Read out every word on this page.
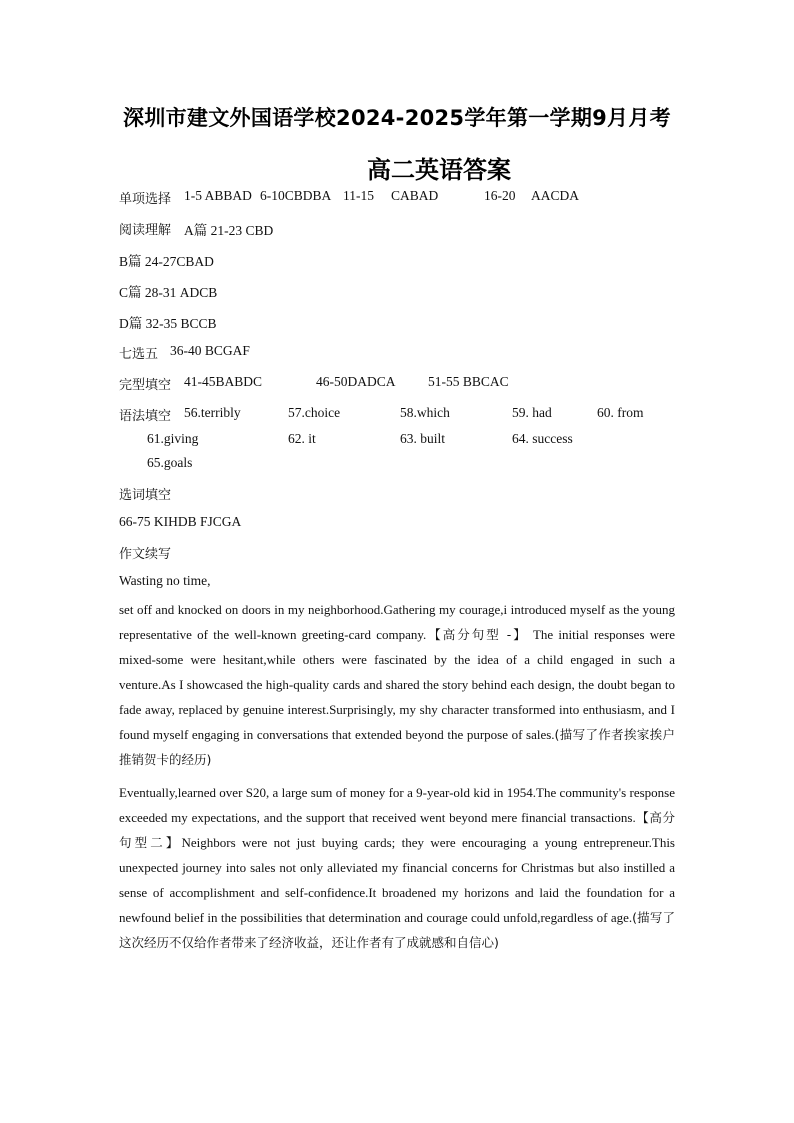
深圳市建文外国语学校2024-2025学年第一学期9月月考
高二英语答案
单项选择 1-5 ABBAD 6-10CBDBA 11-15 CABAD	16-20 AACDA
阅读理解 A篇 21-23 CBD
B篇 24-27CBAD
C篇 28-31 ADCB
D篇 32-35 BCCB
七选五 36-40 BCGAF
完型填空 41-45BABDC	46-50DADCA 51-55 BBCAC
语法填空 56.terribly	57.choice	58.which	59. had	60. from
61.giving	62. it	63. built	64. success
65.goals
选词填空
66-75 KIHDB FJCGA
作文续写
Wasting no time,
set off and knocked on doors in my neighborhood.Gathering my courage,i introduced myself as the young representative of the well-known greeting-card company.【高分句型 -】 The initial responses were mixed-some were hesitant,while others were fascinated by the idea of a child engaged in such a venture.As I showcased the high-quality cards and shared the story behind each design, the doubt began to fade away, replaced by genuine interest.Surprisingly, my shy character transformed into enthusiasm, and I found myself engaging in conversations that extended beyond the purpose of sales.(描写了作者挨家挨户推销贺卡的经历)
Eventually,learned over S20, a large sum of money for a 9-year-old kid in 1954.The community's response exceeded my expectations, and the support that received went beyond mere financial transactions.【高分句型二】Neighbors were not just buying cards; they were encouraging a young entrepreneur.This unexpected journey into sales not only alleviated my financial concerns for Christmas but also instilled a sense of accomplishment and self-confidence.It broadened my horizons and laid the foundation for a newfound belief in the possibilities that determination and courage could unfold,regardless of age.(描写了这次经历不仅给作者带来了经济收益，还让作者有了成就感和自信心)
